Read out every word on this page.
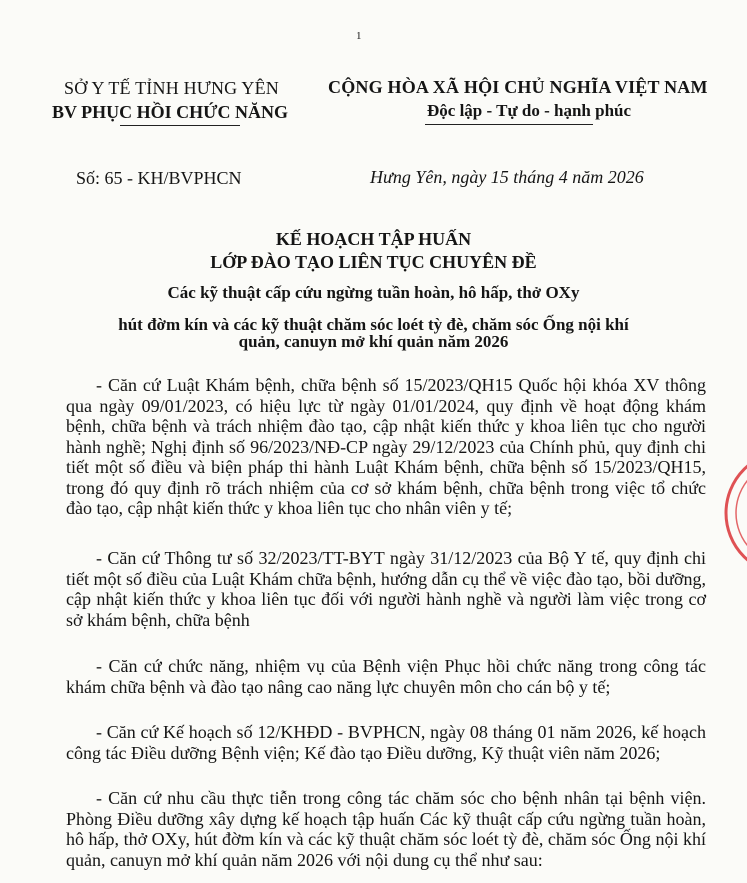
1
SỞ Y TẾ TỈNH HƯNG YÊN
BV PHỤC HỒI CHỨC NĂNG
CỘNG HÒA XÃ HỘI CHỦ NGHĨA VIỆT NAM
Độc lập - Tự do - hạnh phúc
Số: 65 - KH/BVPHCN	Hưng Yên, ngày 15 tháng 4 năm 2026
KẾ HOẠCH TẬP HUẤN
LỚP ĐÀO TẠO LIÊN TỤC CHUYÊN ĐỀ
Các kỹ thuật cấp cứu ngừng tuần hoàn, hô hấp, thở OXy
hút đờm kín và các kỹ thuật chăm sóc loét tỳ đè, chăm sóc Ống nội khí
quản, canuyn mở khí quản năm 2026
- Căn cứ Luật Khám bệnh, chữa bệnh số 15/2023/QH15 Quốc hội khóa XV thông qua ngày 09/01/2023, có hiệu lực từ ngày 01/01/2024, quy định về hoạt động khám bệnh, chữa bệnh và trách nhiệm đào tạo, cập nhật kiến thức y khoa liên tục cho người hành nghề; Nghị định số 96/2023/NĐ-CP ngày 29/12/2023 của Chính phủ, quy định chi tiết một số điều và biện pháp thi hành Luật Khám bệnh, chữa bệnh số 15/2023/QH15, trong đó quy định rõ trách nhiệm của cơ sở khám bệnh, chữa bệnh trong việc tổ chức đào tạo, cập nhật kiến thức y khoa liên tục cho nhân viên y tế;
- Căn cứ Thông tư số 32/2023/TT-BYT ngày 31/12/2023 của Bộ Y tế, quy định chi tiết một số điều của Luật Khám chữa bệnh, hướng dẫn cụ thể về việc đào tạo, bồi dưỡng, cập nhật kiến thức y khoa liên tục đối với người hành nghề và người làm việc trong cơ sở khám bệnh, chữa bệnh
- Căn cứ chức năng, nhiệm vụ của Bệnh viện Phục hồi chức năng trong công tác khám chữa bệnh và đào tạo nâng cao năng lực chuyên môn cho cán bộ y tế;
- Căn cứ Kế hoạch số 12/KHĐD - BVPHCN, ngày 08 tháng 01 năm 2026, kế hoạch công tác Điều dưỡng Bệnh viện; Kế đào tạo Điều dưỡng, Kỹ thuật viên năm 2026;
- Căn cứ nhu cầu thực tiễn trong công tác chăm sóc cho bệnh nhân tại bệnh viện. Phòng Điều dưỡng xây dựng kế hoạch tập huấn Các kỹ thuật cấp cứu ngừng tuần hoàn, hô hấp, thở OXy, hút đờm kín và các kỹ thuật chăm sóc loét tỳ đè, chăm sóc Ống nội khí quản, canuyn mở khí quản năm 2026 với nội dung cụ thể như sau:
